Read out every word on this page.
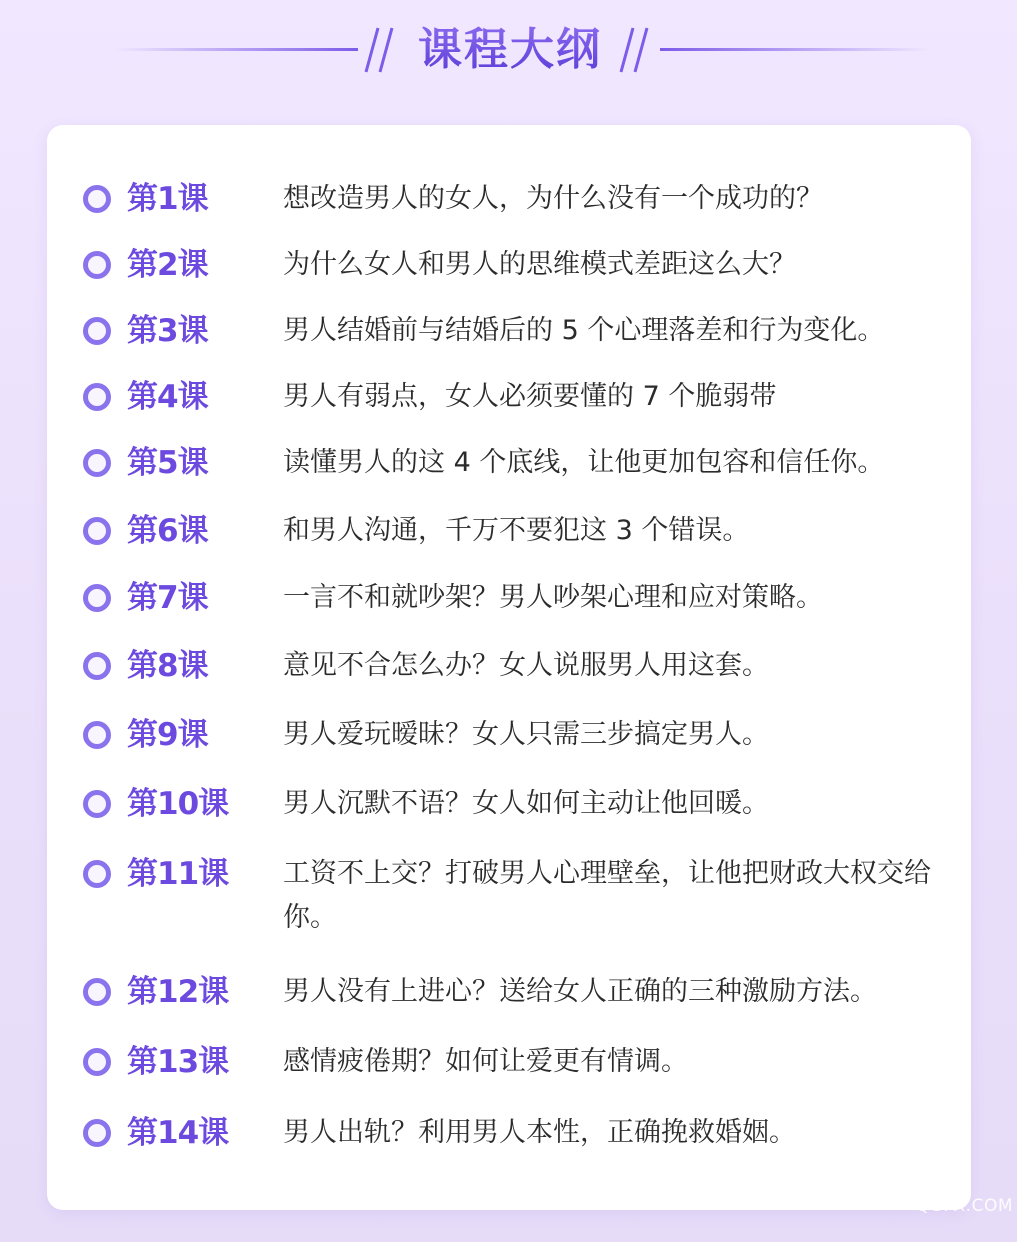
课程大纲
第1课	想改造男人的女人，为什么没有一个成功的？
第2课	为什么女人和男人的思维模式差距这么大？
第3课	男人结婚前与结婚后的 5 个心理落差和行为变化。
第4课	男人有弱点，女人必须要懂的 7 个脆弱带
第5课	读懂男人的这 4 个底线，让他更加包容和信任你。
第6课	和男人沟通，千万不要犯这 3 个错误。
第7课	一言不和就吵架？男人吵架心理和应对策略。
第8课	意见不合怎么办？女人说服男人用这套。
第9课	男人爱玩暧昧？女人只需三步搞定男人。
第10课 男人沉默不语？女人如何主动让他回暖。
第11课 工资不上交？打破男人心理壁垒，让他把财政大权交给你。
第12课 男人没有上进心？送给女人正确的三种激励方法。
第13课 感情疲倦期？如何让爱更有情调。
第14课 男人出轨？利用男人本性，正确挽救婚姻。
QGFX.COM
